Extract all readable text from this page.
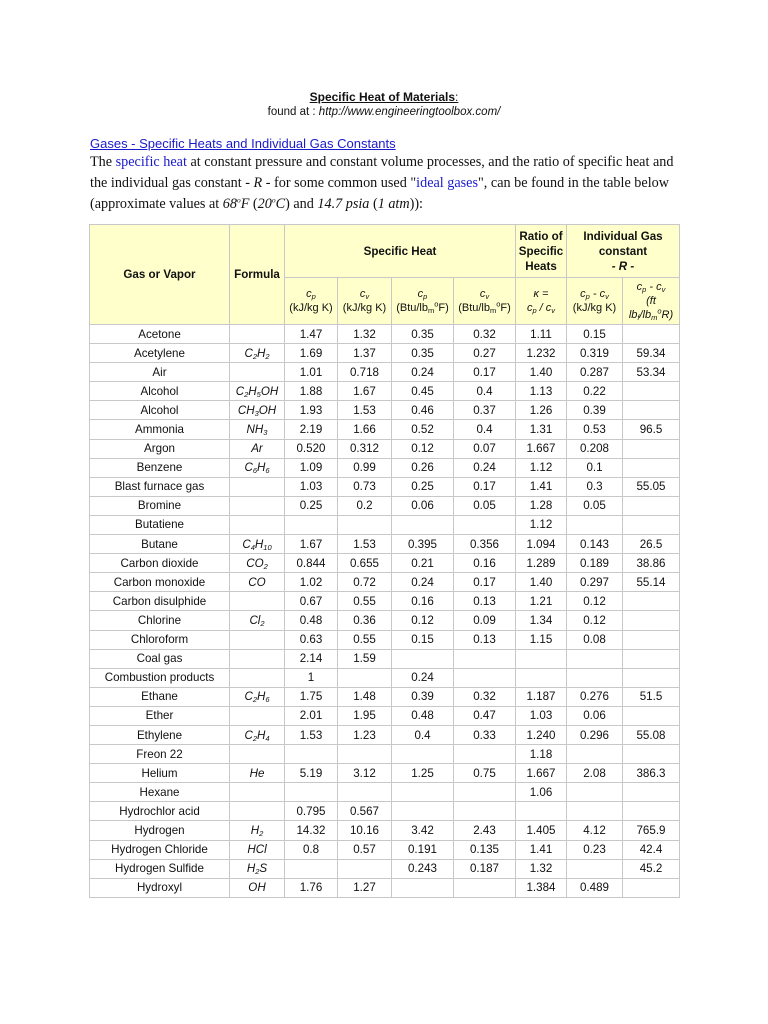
Specific Heat of Materials:
found at : http://www.engineeringtoolbox.com/
Gases - Specific Heats and Individual Gas Constants
The specific heat at constant pressure and constant volume processes, and the ratio of specific heat and the individual gas constant - R - for some common used "ideal gases", can be found in the table below (approximate values at 68$^o$F (20$^o$C) and 14.7 psia (1 atm)):
Gas or Vapor	Formula	Specific Heat				Ratio of
Specific
Heats	Individual Gas
constant
- R -	
		$c_p$
(kJ/kg K)	$c_v$
(kJ/kg K)	$c_p$
$(Btu/lb_m^oF)$	$c_v$
$(Btu/lb_m^oF)$	κ =
$c_p / c_v$	$c_p - c_v$
(kJ/kg K)	$c_p - c_v$
(ft
$lb_f/lb_m^oR$)
Acetone		1.47	1.32	0.35	0.32	1.11	0.15	
Acetylene	$C_2H_2$	1.69	1.37	0.35	0.27	1.232	0.319	59.34
Air		1.01	0.718	0.24	0.17	1.40	0.287	53.34
Alcohol	$C_2H_5OH$	1.88	1.67	0.45	0.4	1.13	0.22	
Alcohol	$CH_3OH$	1.93	1.53	0.46	0.37	1.26	0.39	
Ammonia	$NH_3$	2.19	1.66	0.52	0.4	1.31	0.53	96.5
Argon	Ar	0.520	0.312	0.12	0.07	1.667	0.208	
Benzene	$C_6H_6$	1.09	0.99	0.26	0.24	1.12	0.1	
Blast furnace gas		1.03	0.73	0.25	0.17	1.41	0.3	55.05
Bromine		0.25	0.2	0.06	0.05	1.28	0.05	
Butatiene						1.12		
Butane	$C_4H_{10}$	1.67	1.53	0.395	0.356	1.094	0.143	26.5
Carbon dioxide	$CO_2$	0.844	0.655	0.21	0.16	1.289	0.189	38.86
Carbon monoxide	CO	1.02	0.72	0.24	0.17	1.40	0.297	55.14
Carbon disulphide		0.67	0.55	0.16	0.13	1.21	0.12	
Chlorine	$Cl_2$	0.48	0.36	0.12	0.09	1.34	0.12	
Chloroform		0.63	0.55	0.15	0.13	1.15	0.08	
Coal gas		2.14	1.59					
Combustion products		1		0.24				
Ethane	$C_2H_6$	1.75	1.48	0.39	0.32	1.187	0.276	51.5
Ether		2.01	1.95	0.48	0.47	1.03	0.06	
Ethylene	$C_2H_4$	1.53	1.23	0.4	0.33	1.240	0.296	55.08
Freon 22						1.18		
Helium	He	5.19	3.12	1.25	0.75	1.667	2.08	386.3
Hexane						1.06		
Hydrochlor acid		0.795	0.567					
Hydrogen	$H_2$	14.32	10.16	3.42	2.43	1.405	4.12	765.9
Hydrogen Chloride	HCl	0.8	0.57	0.191	0.135	1.41	0.23	42.4
Hydrogen Sulfide	$H_2S$			0.243	0.187	1.32		45.2
Hydroxyl	OH	1.76	1.27			1.384	0.489	
